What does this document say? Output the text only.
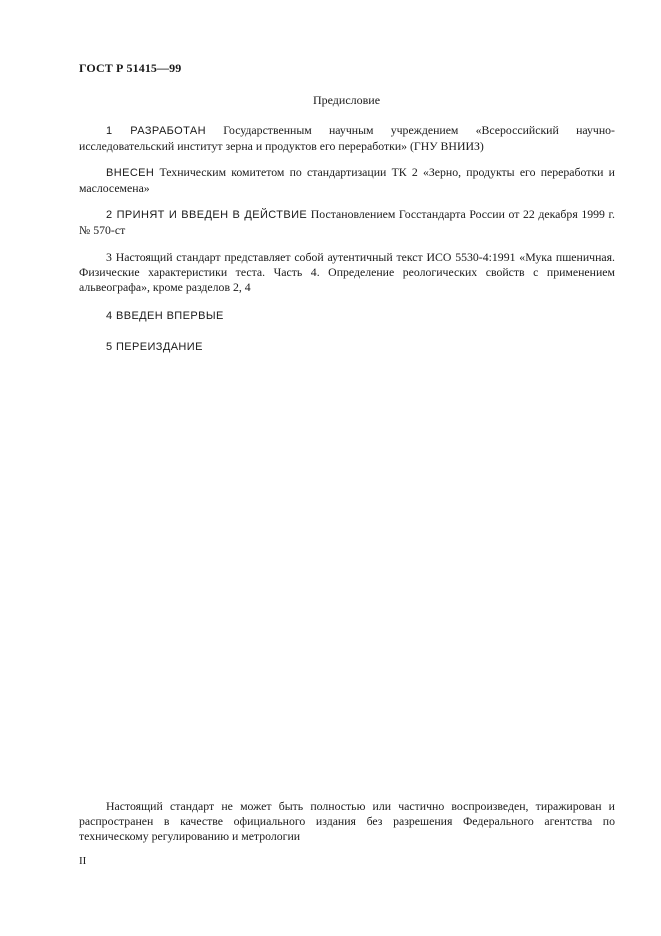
ГОСТ Р 51415—99
Предисловие

1 РАЗРАБОТАН Государственным научным учреждением «Всероссийский научно-исследовательский институт зерна и продуктов его переработки» (ГНУ ВНИИЗ)

ВНЕСЕН Техническим комитетом по стандартизации ТК 2 «Зерно, продукты его переработки и маслосемена»

2 ПРИНЯТ И ВВЕДЕН В ДЕЙСТВИЕ Постановлением Госстандарта России от 22 декабря 1999 г. № 570-ст

3 Настоящий стандарт представляет собой аутентичный текст ИСО 5530-4:1991 «Мука пшеничная. Физические характеристики теста. Часть 4. Определение реологических свойств с применением альвеографа», кроме разделов 2, 4

4 ВВЕДЕН ВПЕРВЫЕ

5 ПЕРЕИЗДАНИЕ

Настоящий стандарт не может быть полностью или частично воспроизведен, тиражирован и распространен в качестве официального издания без разрешения Федерального агентства по техническому регулированию и метрологии

II
